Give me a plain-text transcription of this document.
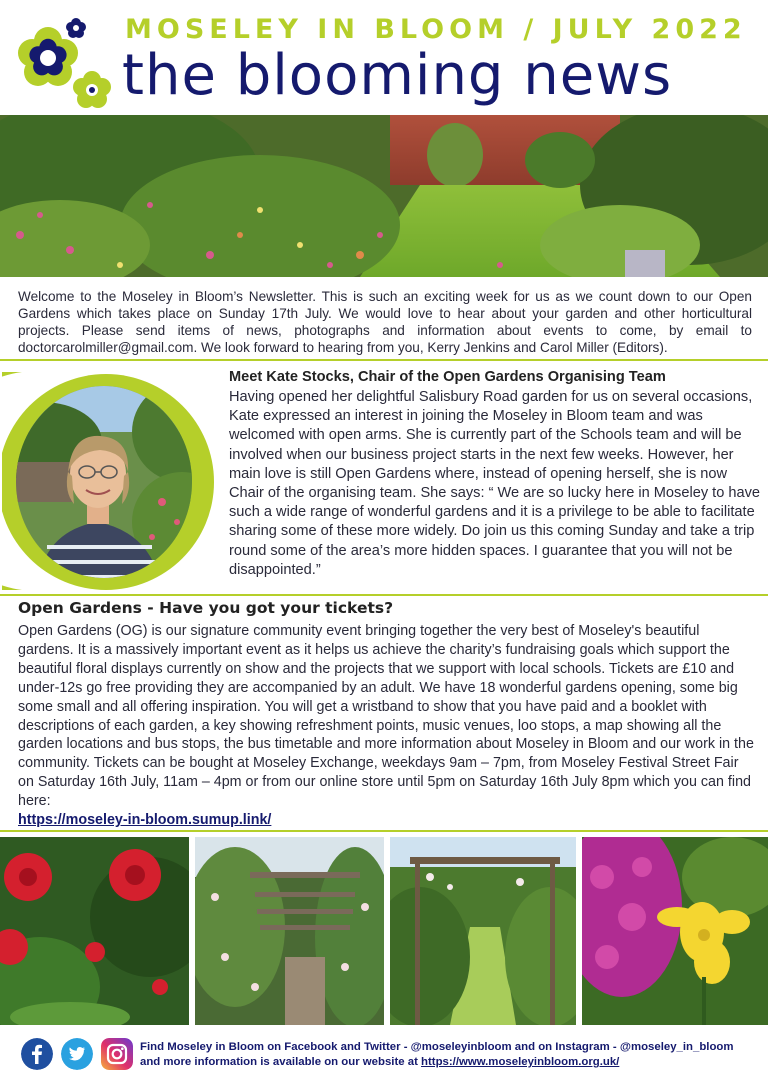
MOSELEY IN BLOOM / JULY 2022
the blooming news

Welcome to the Moseley in Bloom’s Newsletter. This is such an exciting week for us as we count down to our Open Gardens which takes place on Sunday 17th July. We would love to hear about your garden and other horticultural projects. Please send items of news, photographs and information about events to come, by email to doctorcarolmiller@gmail.com. We look forward to hearing from you, Kerry Jenkins and Carol Miller (Editors).

Meet Kate Stocks, Chair of the Open Gardens Organising Team

Having opened her delightful Salisbury Road garden for us on several occasions, Kate expressed an interest in joining the Moseley in Bloom team and was welcomed with open arms. She is currently part of the Schools team and will be involved when our business project starts in the next few weeks. However, her main love is still Open Gardens where, instead of opening herself, she is now Chair of the organising team. She says: “ We are so lucky here in Moseley to have such a wide range of wonderful gardens and it is a privilege to be able to facilitate sharing some of these more widely. Do join us this coming Sunday and take a trip round some of the area’s more hidden spaces. I guarantee that you will not be disappointed.”

Open Gardens - Have you got your tickets?

Open Gardens (OG) is our signature community event bringing together the very best of Moseley's beautiful gardens. It is a massively important event as it helps us achieve the charity’s fundraising goals which support the beautiful floral displays currently on show and the projects that we support with local schools. Tickets are £10 and under-12s go free providing they are accompanied by an adult. We have 18 wonderful gardens opening, some big some small and all offering inspiration. You will get a wristband to show that you have paid and a booklet with descriptions of each garden, a key showing refreshment points, music venues, loo stops, a map showing all the garden locations and bus stops, the bus timetable and more information about Moseley in Bloom and our work in the community. Tickets can be bought at Moseley Exchange, weekdays 9am – 7pm, from Moseley Festival Street Fair on Saturday 16th July, 11am – 4pm or from our online store until 5pm on Saturday 16th July 8pm which you can find here:
https://moseley-in-bloom.sumup.link/

Find Moseley in Bloom on Facebook and Twitter - @moseleyinbloom and on Instagram - @moseley_in_bloom
and more information is available on our website at https://www.moseleyinbloom.org.uk/
